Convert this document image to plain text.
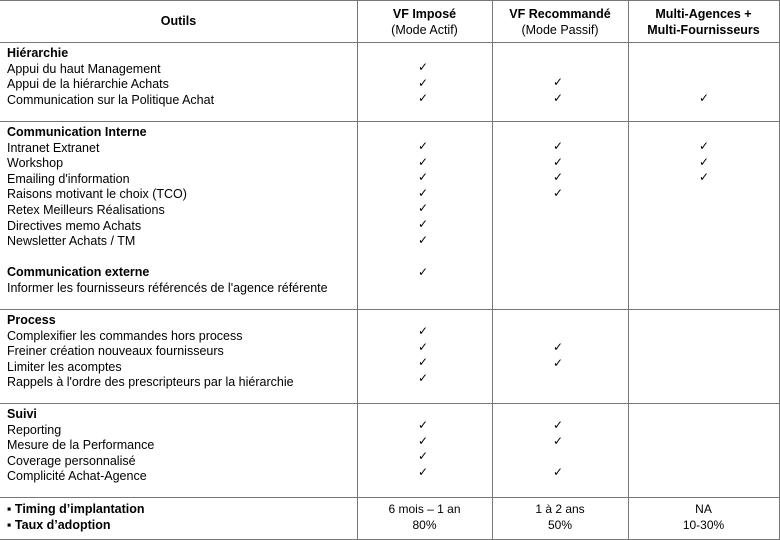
Outils	VF Imposé
(Mode Actif)
VF Recommandé
(Mode Passif)
Multi-Agences +
Multi-Fournisseurs
Hiérarchie
Appui du haut Management
Appui de la hiérarchie Achats
Communication sur la Politique Achat
✓
✓
✓
✓
✓	✓
Communication Interne
Intranet Extranet
Workshop
Emailing d'information
Raisons motivant le choix (TCO)
Retex Meilleurs Réalisations
Directives memo Achats
Newsletter Achats / TM
✓
✓
✓
✓
✓
✓
✓
✓
✓
✓
✓
✓
✓
✓
Communication externe
Informer les fournisseurs référencés de l'agence référente
✓
Process
Complexifier les commandes hors process
Freiner création nouveaux fournisseurs
Limiter les acomptes
Rappels à l'ordre des prescripteurs par la hiérarchie
✓
✓
✓
✓
✓
✓
Suivi
Reporting
Mesure de la Performance
Coverage personnalisé
Complicité Achat-Agence
✓
✓
✓
✓
✓
✓
✓
▪ Timing d’implantation
▪ Taux d’adoption
6 mois – 1 an
80%
1 à 2 ans
50%
NA
10-30%
